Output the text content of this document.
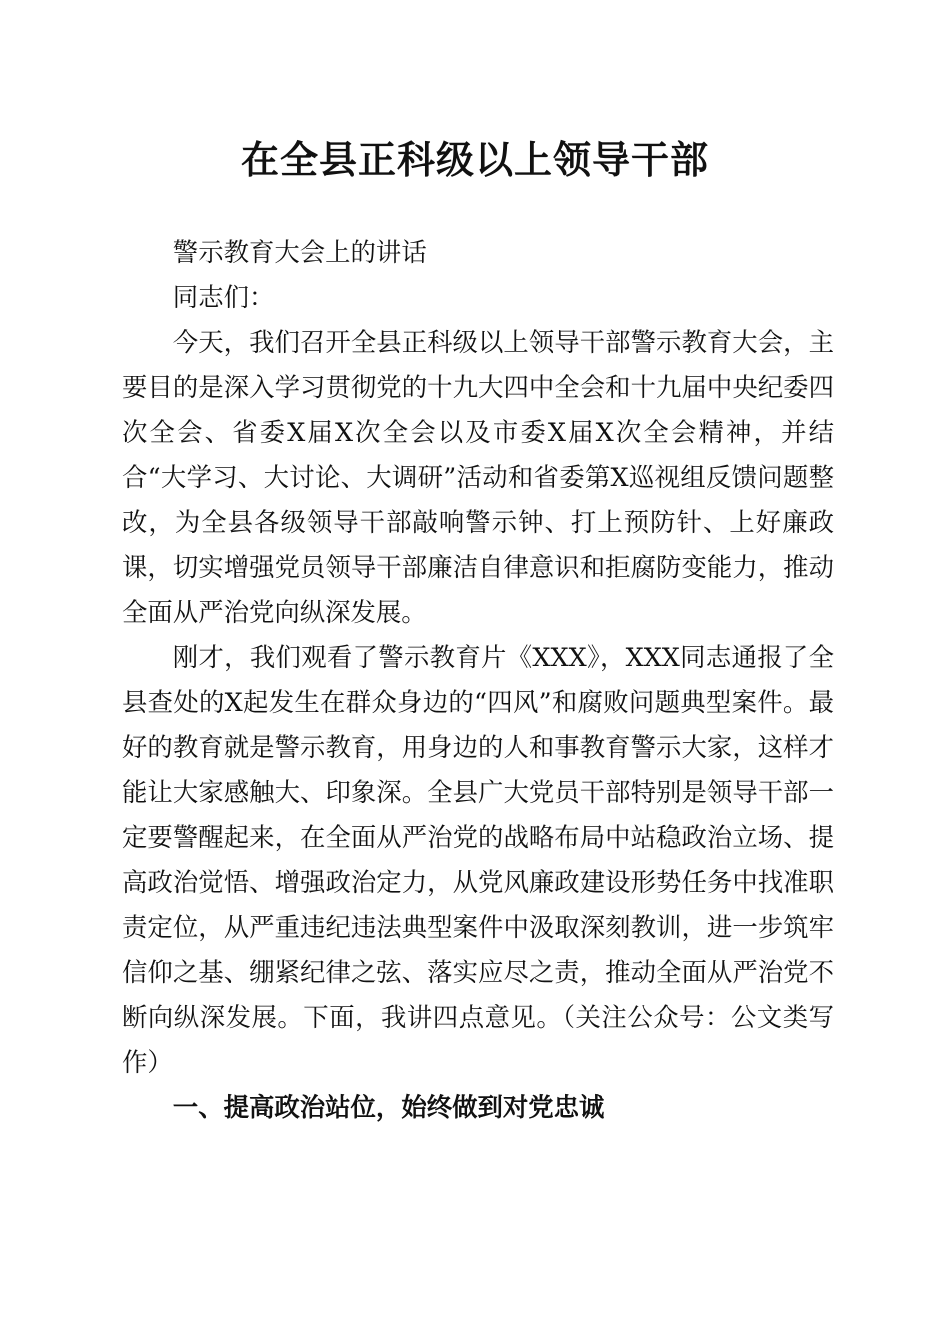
在全县正科级以上领导干部

警示教育大会上的讲话

同志们：

今天，我们召开全县正科级以上领导干部警示教育大会，主要目的是深入学习贯彻党的十九大四中全会和十九届中央纪委四次全会、省委X届X次全会以及市委X届X次全会精神，并结合“大学习、大讨论、大调研”活动和省委第X巡视组反馈问题整改，为全县各级领导干部敲响警示钟、打上预防针、上好廉政课，切实增强党员领导干部廉洁自律意识和拒腐防变能力，推动全面从严治党向纵深发展。

刚才，我们观看了警示教育片《XXX》，XXX同志通报了全县查处的X起发生在群众身边的“四风”和腐败问题典型案件。最好的教育就是警示教育，用身边的人和事教育警示大家，这样才能让大家感触大、印象深。全县广大党员干部特别是领导干部一定要警醒起来，在全面从严治党的战略布局中站稳政治立场、提高政治觉悟、增强政治定力，从党风廉政建设形势任务中找准职责定位，从严重违纪违法典型案件中汲取深刻教训，进一步筑牢信仰之基、绷紧纪律之弦、落实应尽之责，推动全面从严治党不断向纵深发展。下面，我讲四点意见。（关注公众号：公文类写作）

一、提高政治站位，始终做到对党忠诚
